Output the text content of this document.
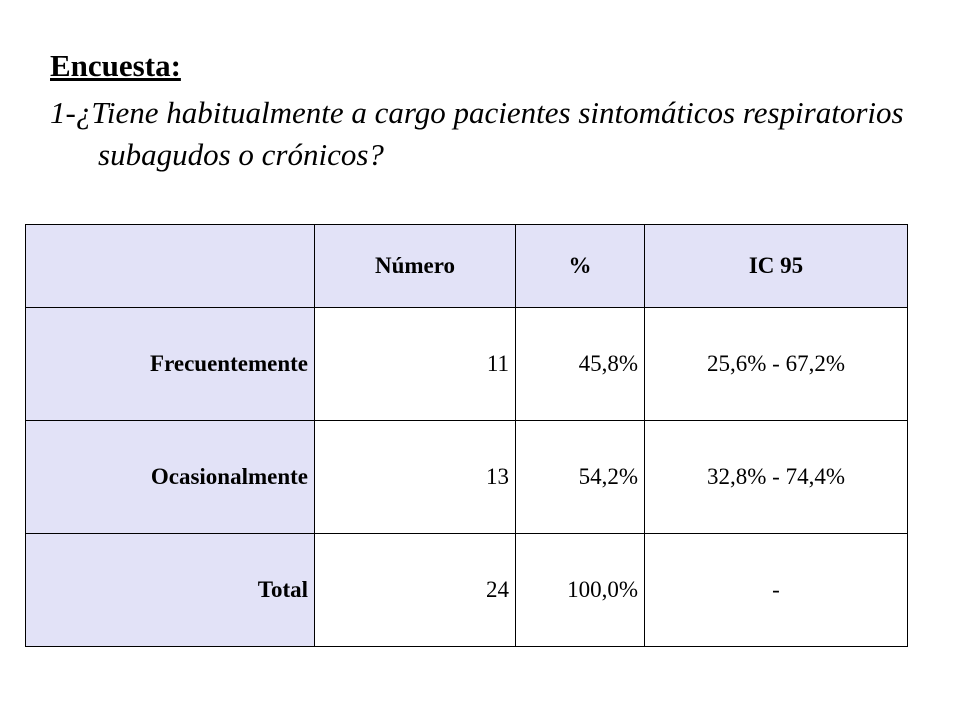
Encuesta:
1-¿Tiene habitualmente a cargo pacientes sintomáticos respiratorios subagudos o crónicos?
	Número	%	IC 95
Frecuentemente	11	45,8%	25,6% - 67,2%
Ocasionalmente	13	54,2%	32,8% - 74,4%
Total	24	100,0%	-
